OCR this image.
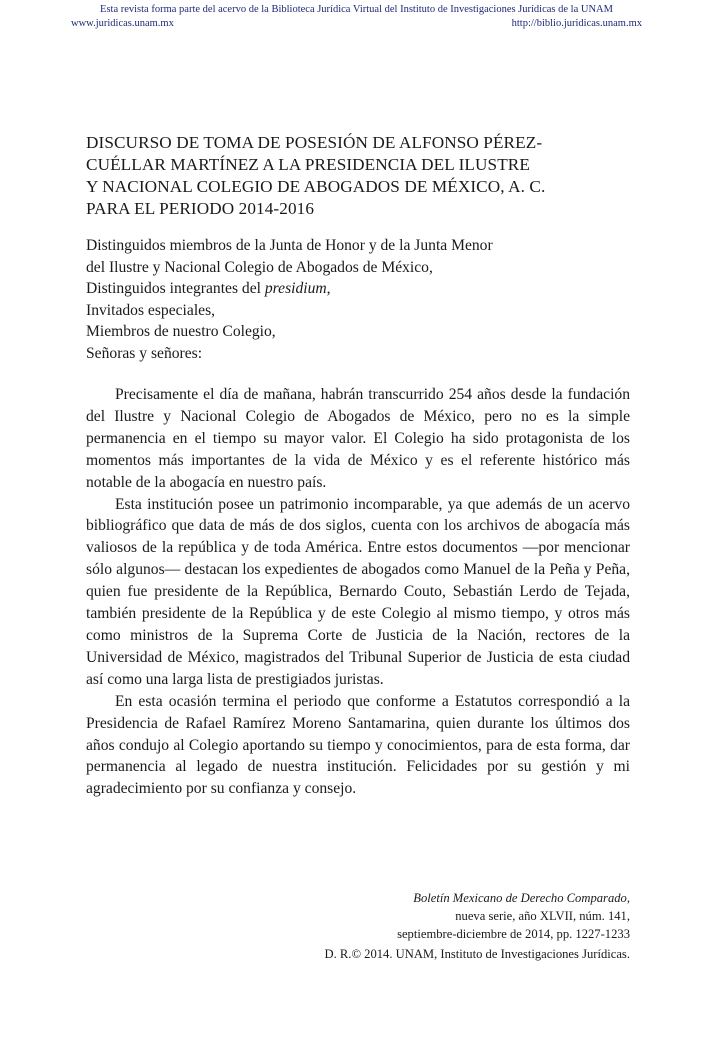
Esta revista forma parte del acervo de la Biblioteca Jurídica Virtual del Instituto de Investigaciones Jurídicas de la UNAM
www.juridicas.unam.mx	http://biblio.juridicas.unam.mx
DISCURSO DE TOMA DE POSESIÓN DE ALFONSO PÉREZ-
CUÉLLAR MARTÍNEZ A LA PRESIDENCIA DEL ILUSTRE
Y NACIONAL COLEGIO DE ABOGADOS DE MÉXICO, A. C.
PARA EL PERIODO 2014-2016
Distinguidos miembros de la Junta de Honor y de la Junta Menor
del Ilustre y Nacional Colegio de Abogados de México,
Distinguidos integrantes del presidium,
Invitados especiales,
Miembros de nuestro Colegio,
Señoras y señores:

Precisamente el día de mañana, habrán transcurrido 254 años desde la fundación del Ilustre y Nacional Colegio de Abogados de México, pero no es la simple permanencia en el tiempo su mayor valor. El Colegio ha sido protagonista de los momentos más importantes de la vida de México y es el referente histórico más notable de la abogacía en nuestro país.

Esta institución posee un patrimonio incomparable, ya que además de un acervo bibliográfico que data de más de dos siglos, cuenta con los archivos de abogacía más valiosos de la república y de toda América. Entre estos documentos —por mencionar sólo algunos— destacan los expedientes de abogados como Manuel de la Peña y Peña, quien fue presidente de la República, Bernardo Couto, Sebastián Lerdo de Tejada, también presidente de la República y de este Colegio al mismo tiempo, y otros más como ministros de la Suprema Corte de Justicia de la Nación, rectores de la Universidad de México, magistrados del Tribunal Superior de Justicia de esta ciudad así como una larga lista de prestigiados juristas.

En esta ocasión termina el periodo que conforme a Estatutos correspondió a la Presidencia de Rafael Ramírez Moreno Santamarina, quien durante los últimos dos años condujo al Colegio aportando su tiempo y conocimientos, para de esta forma, dar permanencia al legado de nuestra institución. Felicidades por su gestión y mi agradecimiento por su confianza y consejo.

Boletín Mexicano de Derecho Comparado,
nueva serie, año XLVII, núm. 141,
septiembre-diciembre de 2014, pp. 1227-1233
D. R.© 2014. UNAM, Instituto de Investigaciones Jurídicas.
